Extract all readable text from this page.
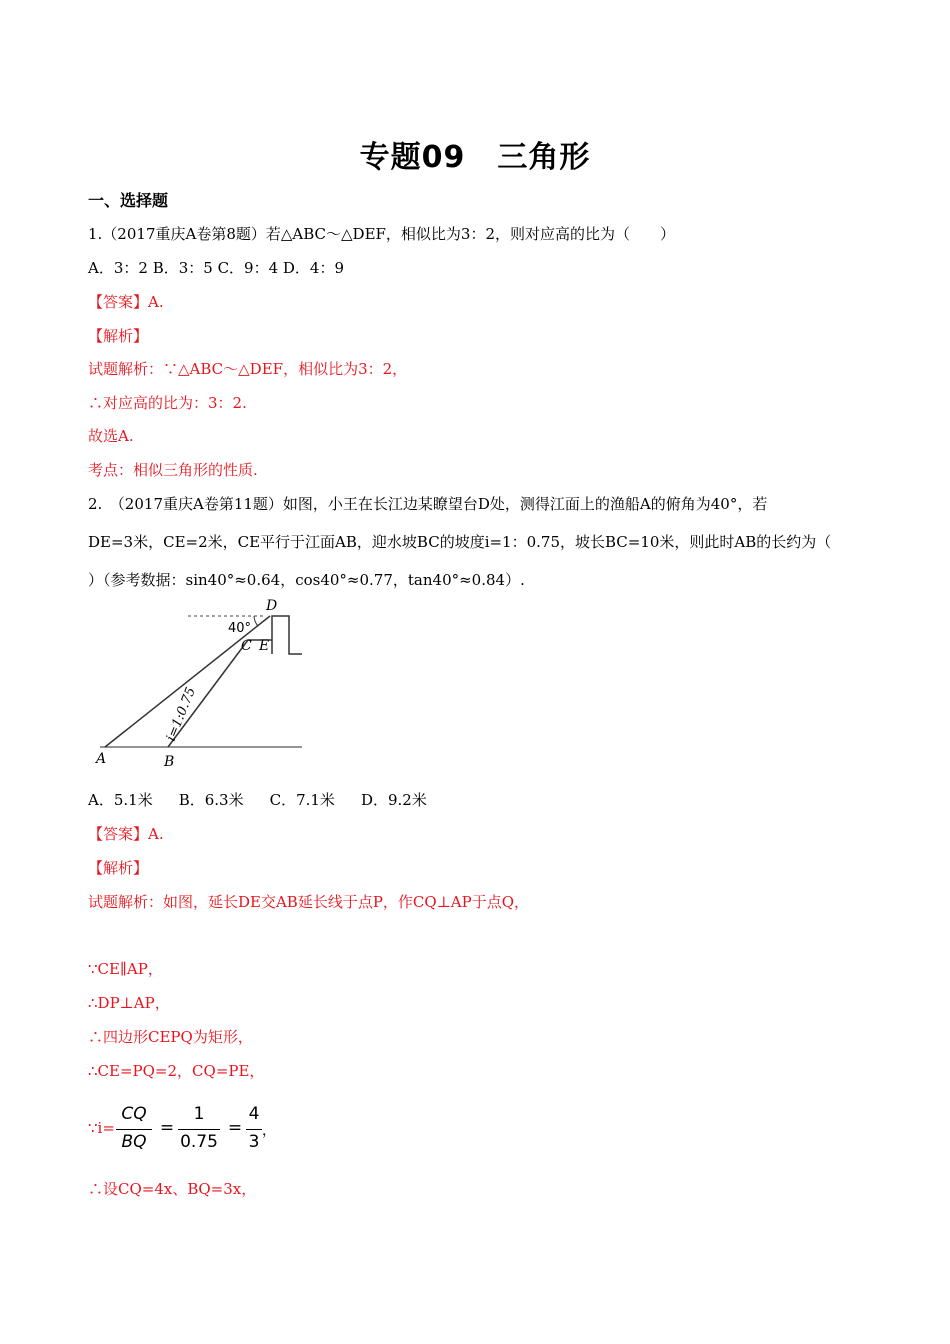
专题09 三角形
一、选择题
1.（2017重庆A卷第8题）若△ABC～△DEF，相似比为3：2，则对应高的比为（　　）
A．3：2 B．3：5 C．9：4 D．4：9
【答案】A.
【解析】
试题解析：∵△ABC～△DEF，相似比为3：2，
∴对应高的比为：3：2.
故选A.
考点：相似三角形的性质.
2.　（2017重庆A卷第11题）如图，小王在长江边某瞭望台D处，测得江面上的渔船A的俯角为40°，若
DE=3米，CE=2米，CE平行于江面AB，迎水坡BC的坡度i=1：0.75，坡长BC=10米，则此时AB的长约为（
）（参考数据：sin40°≈0.64，cos40°≈0.77，tan40°≈0.84）.
D
40°
C E
i=1:0.75
A	B
A．5.1米 B．6.3米 C．7.1米 D．9.2米
【答案】A.
【解析】
试题解析：如图，延长DE交AB延长线于点P，作CQ⊥AP于点Q，
∵CE∥AP，
∴DP⊥AP，
∴四边形CEPQ为矩形，
∴CE=PQ=2，CQ=PE，
∵i=
CQ
BQ
=
1
0.75
=
4
3
，
∴设CQ=4x、BQ=3x，
